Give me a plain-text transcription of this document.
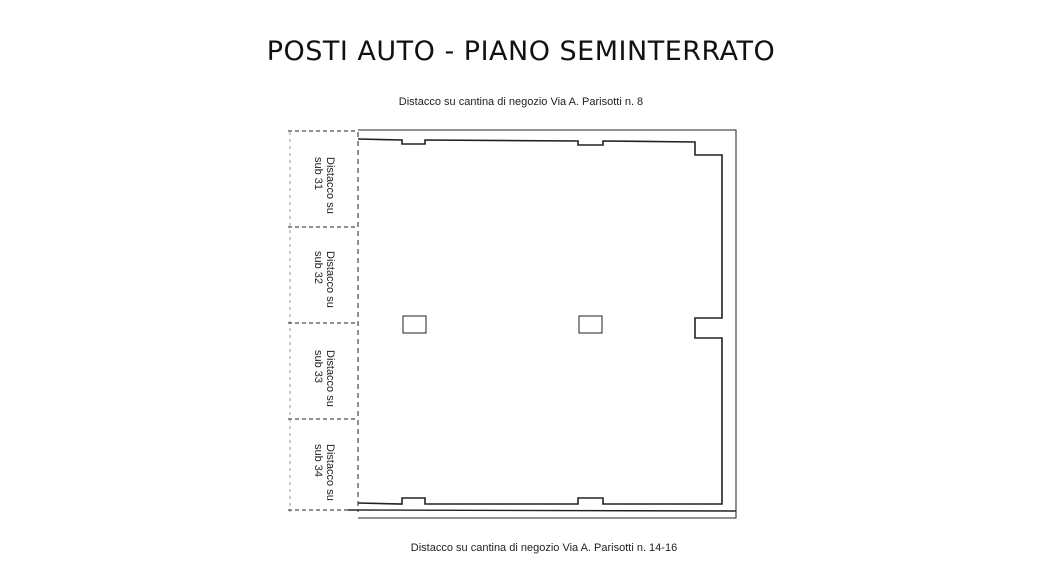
POSTI AUTO - PIANO SEMINTERRATO
Distacco su cantina di negozio Via A. Parisotti n. 8
Distacco su cantina di negozio Via A. Parisotti n. 14-16
Distacco su
sub 31
Distacco su
sub 32
Distacco su
sub 33
Distacco su
sub 34
